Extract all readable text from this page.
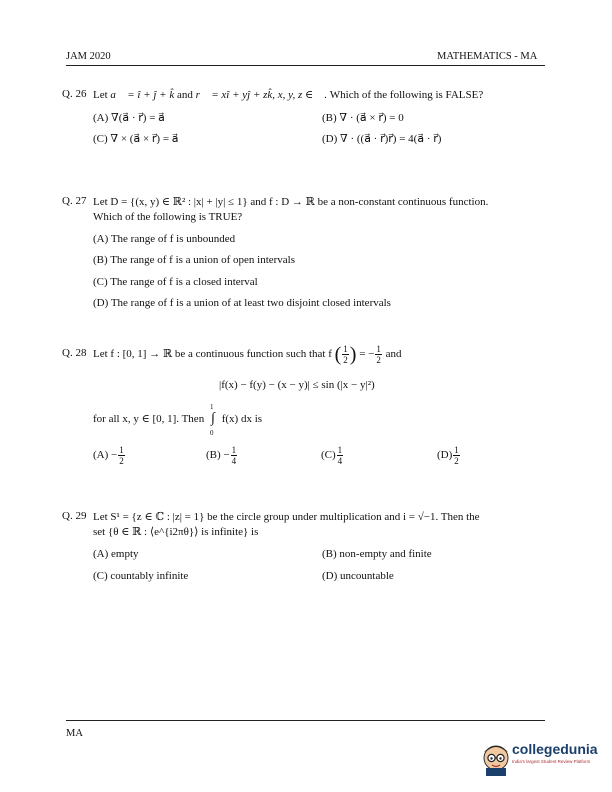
JAM 2020	MATHEMATICS - MA
Q. 26 Let a⃗ = î + ĵ + k̂ and r⃗ = xî + yĵ + zk̂, x, y, z ∈ ℝ. Which of the following is FALSE?
(A) ∇(a⃗ · r⃗) = a⃗	(B) ∇ · (a⃗ × r⃗) = 0
(C) ∇ × (a⃗ × r⃗) = a⃗	(D) ∇ · ((a⃗ · r⃗)r⃗) = 4(a⃗ · r⃗)
Q. 27 Let D = {(x, y) ∈ ℝ² : |x| + |y| ≤ 1} and f : D → ℝ be a non-constant continuous function.
Which of the following is TRUE?
(A) The range of f is unbounded
(B) The range of f is a union of open intervals
(C) The range of f is a closed interval
(D) The range of f is a union of at least two disjoint closed intervals
Q. 28 Let f : [0, 1] → ℝ be a continuous function such that f ( $\frac{1}{2}$ ) = − $\frac{1}{2}$ and
|f(x) − f(y) − (x − y)| ≤ sin (|x − y|²)
for all x, y ∈ [0, 1]. Then
1
∫
0
f(x) dx is
$(A) - \frac{1}{2}$	$(B) - \frac{1}{4}$	$(C) \frac{1}{4}$	$(D) \frac{1}{2}$
Q. 29 Let S¹ = {z ∈ ℂ : |z| = 1} be the circle group under multiplication and i = √−1. Then the
set {θ ∈ ℝ : ⟨e^{i2πθ}⟩ is infinite} is
(A) empty	(B) non-empty and finite
(C) countably infinite	(D) uncountable
MA
collegedunia
India's largest Student Review Platform
